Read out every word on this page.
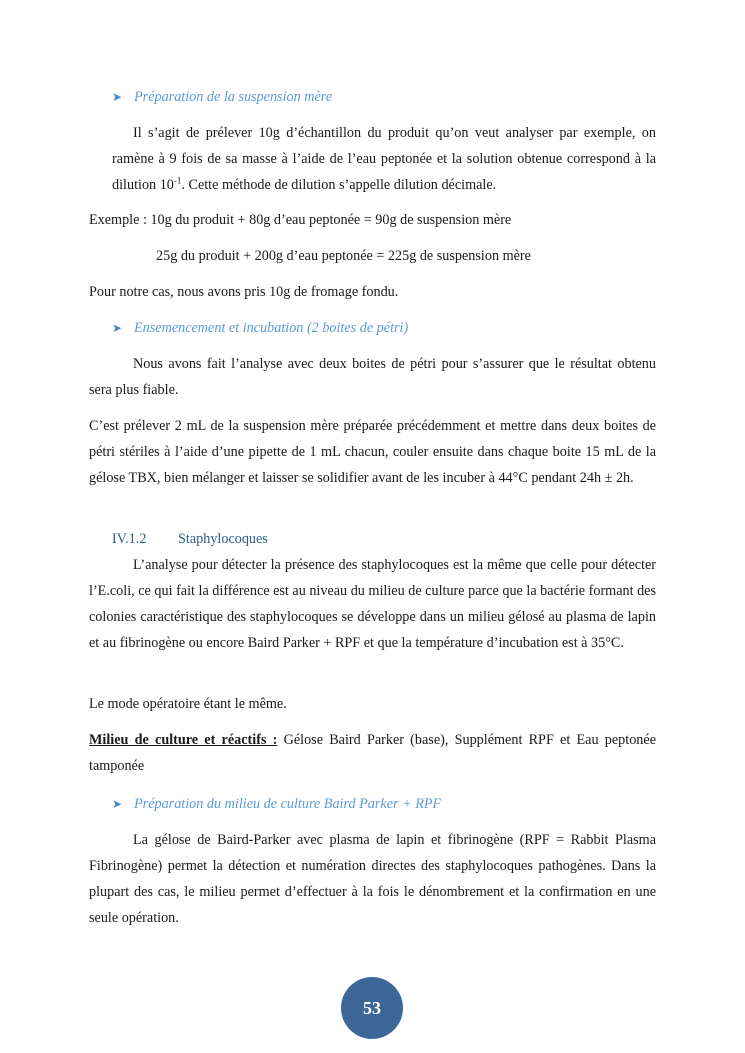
➤ Préparation de la suspension mère

Il s’agit de prélever 10g d’échantillon du produit qu’on veut analyser par exemple, on ramène à 9 fois de sa masse à l’aide de l’eau peptonée et la solution obtenue correspond à la dilution $10^{-1}$. Cette méthode de dilution s’appelle dilution décimale.

Exemple : 10g du produit + 80g d’eau peptonée = 90g de suspension mère

25g du produit + 200g d’eau peptonée = 225g de suspension mère

Pour notre cas, nous avons pris 10g de fromage fondu.

➤ Ensemencement et incubation (2 boites de pétri)

Nous avons fait l’analyse avec deux boites de pétri pour s’assurer que le résultat obtenu sera plus fiable.

C’est prélever 2 mL de la suspension mère préparée précédemment et mettre dans deux boites de pétri stériles à l’aide d’une pipette de 1 mL chacun, couler ensuite dans chaque boite 15 mL de la gélose TBX, bien mélanger et laisser se solidifier avant de les incuber à 44°C pendant 24h ± 2h.

IV.1.2 Staphylocoques

L’analyse pour détecter la présence des staphylocoques est la même que celle pour détecter l’E.coli, ce qui fait la différence est au niveau du milieu de culture parce que la bactérie formant des colonies caractéristique des staphylocoques se développe dans un milieu gélosé au plasma de lapin et au fibrinogène ou encore Baird Parker + RPF et que la température d’incubation est à 35°C.

Le mode opératoire étant le même.

Milieu de culture et réactifs : Gélose Baird Parker (base), Supplément RPF et Eau peptonée tamponée

➤ Préparation du milieu de culture Baird Parker + RPF

La gélose de Baird-Parker avec plasma de lapin et fibrinogène (RPF = Rabbit Plasma Fibrinogène) permet la détection et numération directes des staphylocoques pathogènes. Dans la plupart des cas, le milieu permet d’effectuer à la fois le dénombrement et la confirmation en une seule opération.

53
